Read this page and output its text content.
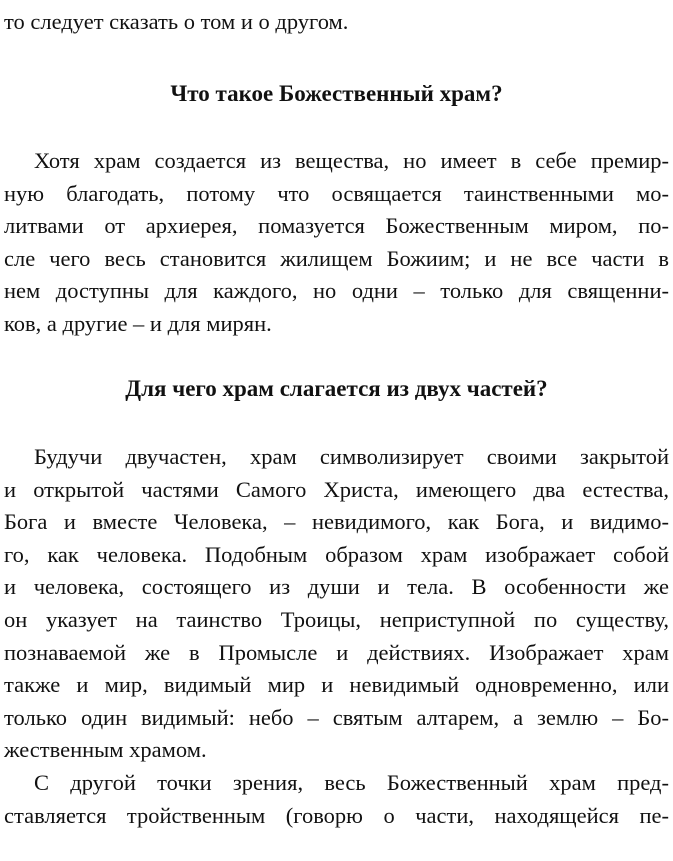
то следует сказать о том и о другом.

Что такое Божественный храм?

Хотя храм создается из вещества, но имеет в себе премир-

ную благодать, потому что освящается таинственными мо-

литвами от архиерея, помазуется Божественным миром, по-

сле чего весь становится жилищем Божиим; и не все части в

нем доступны для каждого, но одни – только для священни-

ков, а другие – и для мирян.

Для чего храм слагается из двух частей?

Будучи двучастен, храм символизирует своими закрытой

и открытой частями Самого Христа, имеющего два естества,

Бога и вместе Человека, – невидимого, как Бога, и видимо-

го, как человека. Подобным образом храм изображает собой

и человека, состоящего из души и тела. В особенности же

он указует на таинство Троицы, неприступной по существу,

познаваемой же в Промысле и действиях. Изображает храм

также и мир, видимый мир и невидимый одновременно, или

только один видимый: небо – святым алтарем, а землю – Бо-

жественным храмом.

С другой точки зрения, весь Божественный храм пред-

ставляется тройственным (говорю о части, находящейся пе-
